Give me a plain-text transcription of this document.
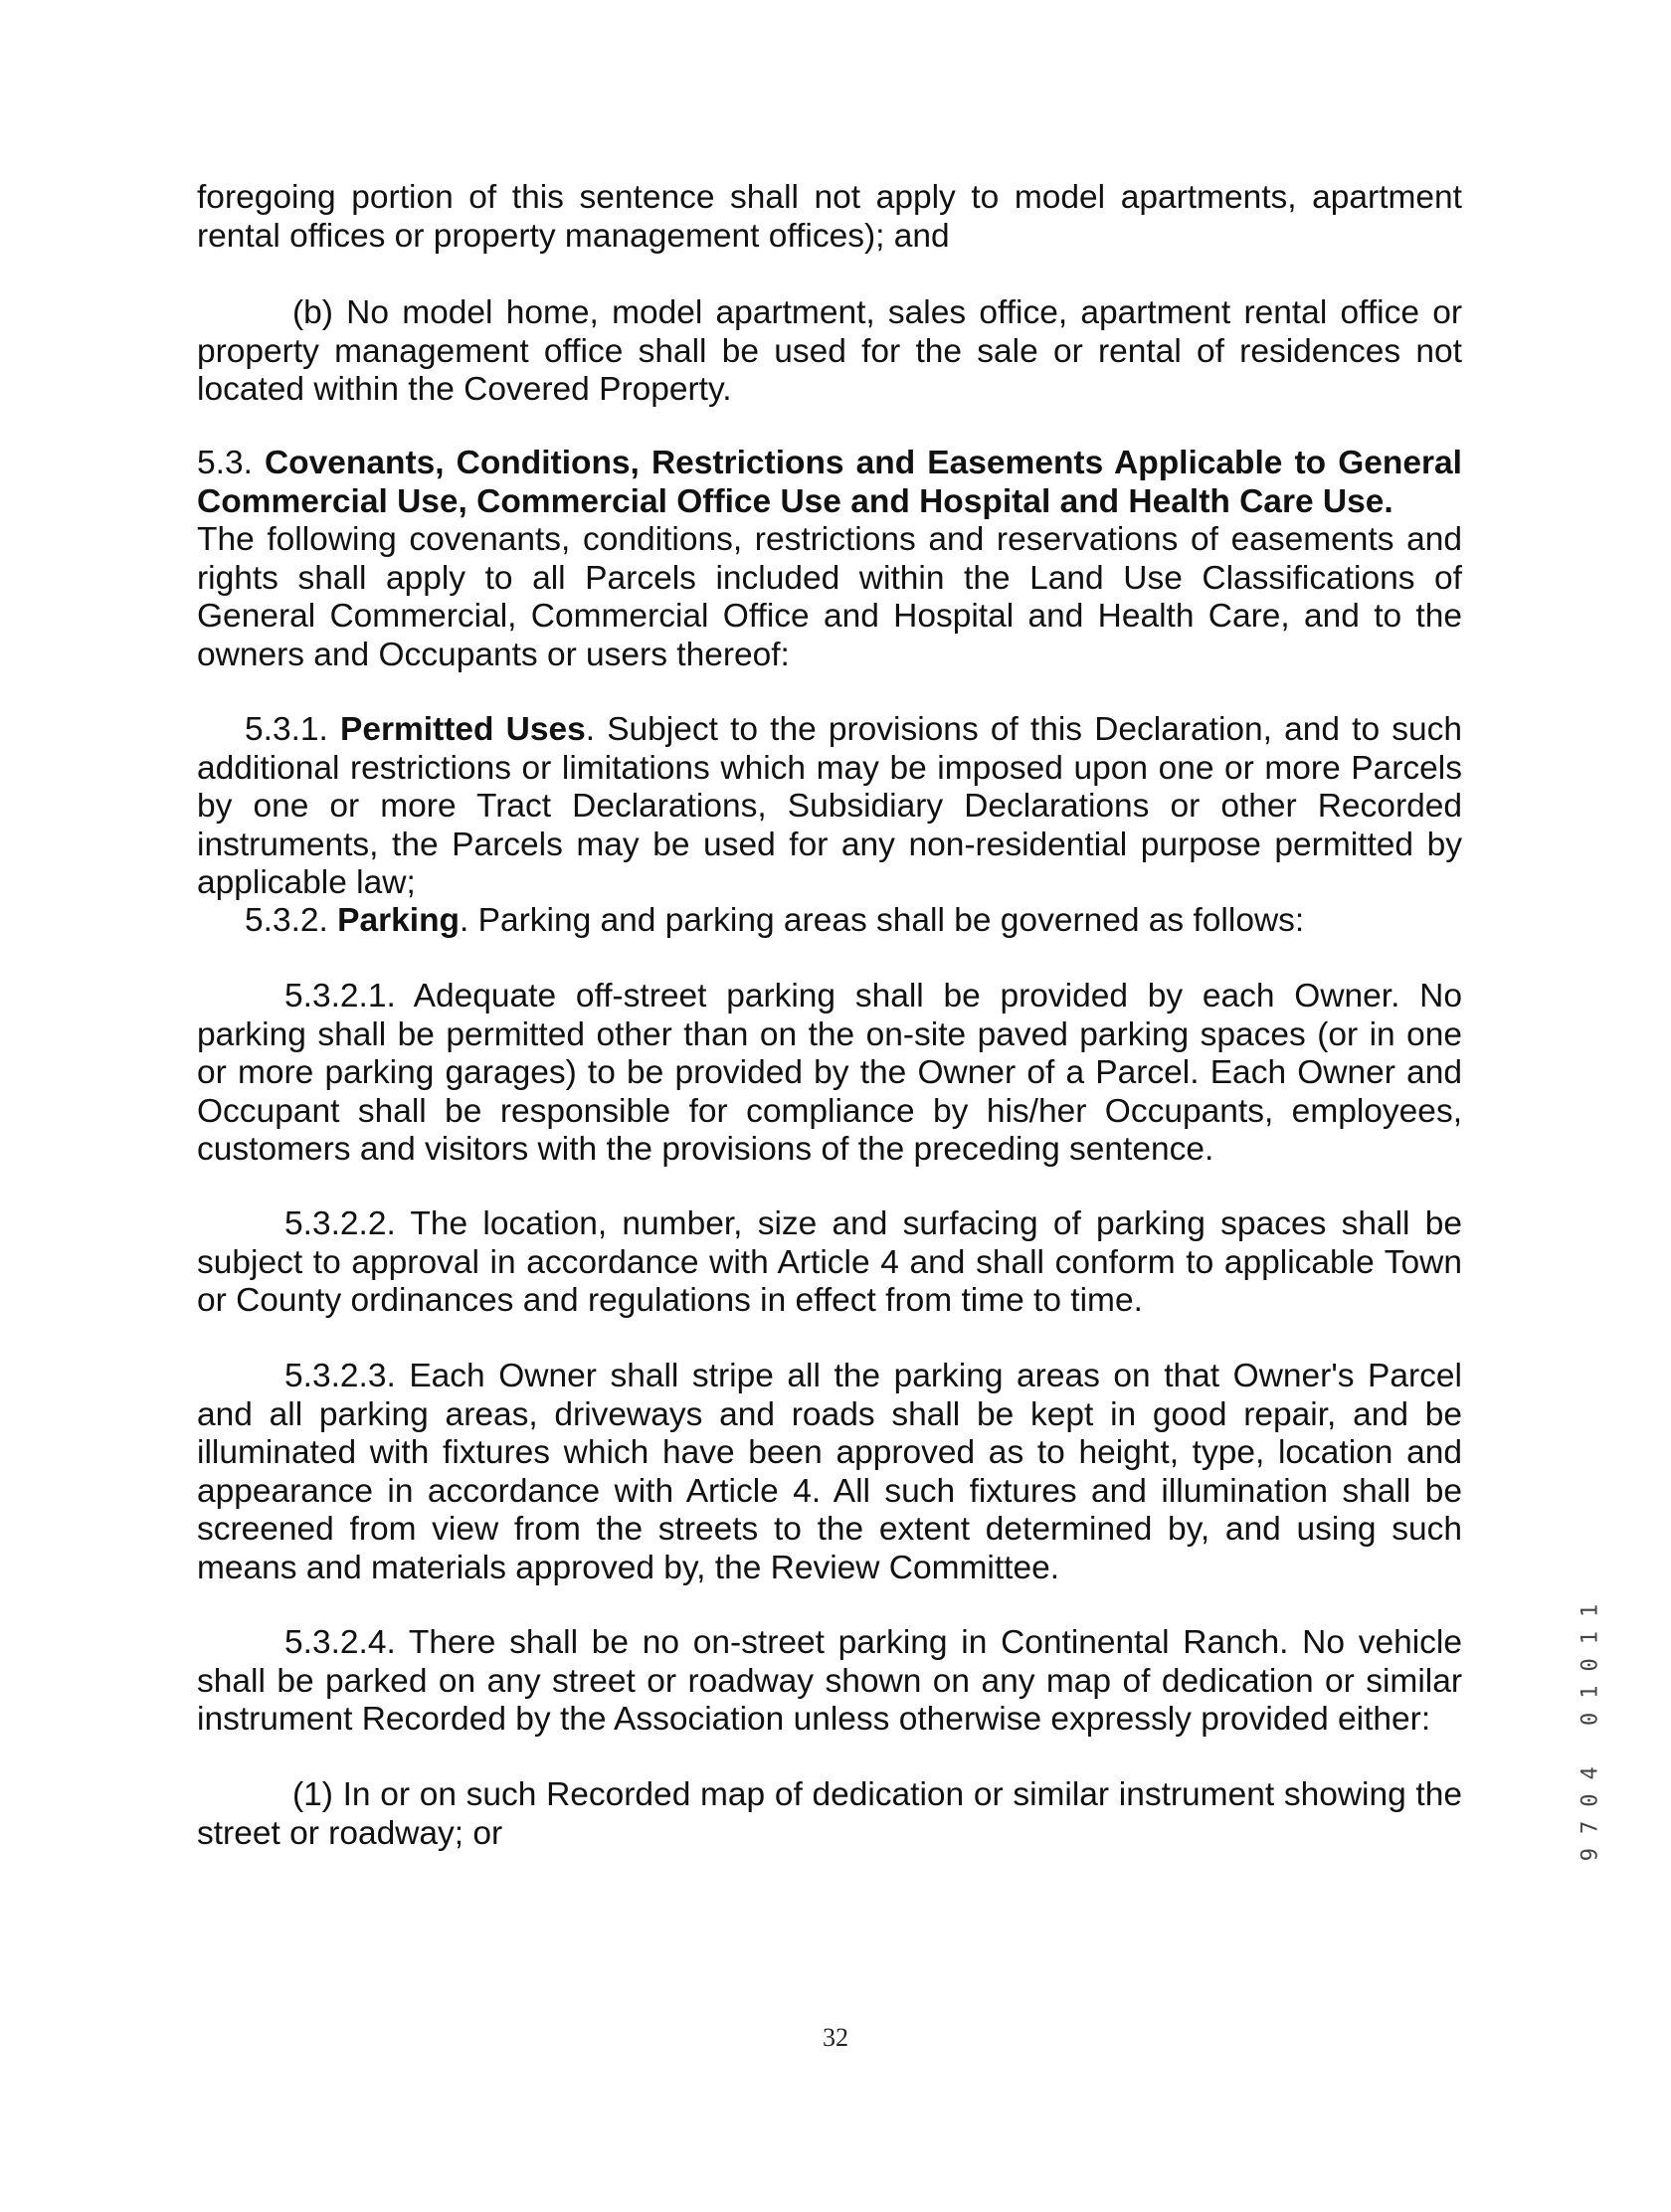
foregoing portion of this sentence shall not apply to model apartments, apartment rental offices or property management offices); and

(b) No model home, model apartment, sales office, apartment rental office or property management office shall be used for the sale or rental of residences not located within the Covered Property.

5.3. Covenants, Conditions, Restrictions and Easements Applicable to General Commercial Use, Commercial Office Use and Hospital and Health Care Use.

The following covenants, conditions, restrictions and reservations of easements and rights shall apply to all Parcels included within the Land Use Classifications of General Commercial, Commercial Office and Hospital and Health Care, and to the owners and Occupants or users thereof:

5.3.1. Permitted Uses. Subject to the provisions of this Declaration, and to such additional restrictions or limitations which may be imposed upon one or more Parcels by one or more Tract Declarations, Subsidiary Declarations or other Recorded instruments, the Parcels may be used for any non-residential purpose permitted by applicable law;

5.3.2. Parking. Parking and parking areas shall be governed as follows:

5.3.2.1. Adequate off-street parking shall be provided by each Owner. No parking shall be permitted other than on the on-site paved parking spaces (or in one or more parking garages) to be provided by the Owner of a Parcel. Each Owner and Occupant shall be responsible for compliance by his/her Occupants, employees, customers and visitors with the provisions of the preceding sentence.

5.3.2.2. The location, number, size and surfacing of parking spaces shall be subject to approval in accordance with Article 4 and shall conform to applicable Town or County ordinances and regulations in effect from time to time.

5.3.2.3. Each Owner shall stripe all the parking areas on that Owner's Parcel and all parking areas, driveways and roads shall be kept in good repair, and be illuminated with fixtures which have been approved as to height, type, location and appearance in accordance with Article 4. All such fixtures and illumination shall be screened from view from the streets to the extent determined by, and using such means and materials approved by, the Review Committee.

5.3.2.4. There shall be no on-street parking in Continental Ranch. No vehicle shall be parked on any street or roadway shown on any map of dedication or similar instrument Recorded by the Association unless otherwise expressly provided either:

(1) In or on such Recorded map of dedication or similar instrument showing the street or roadway; or	9704 01011
32
